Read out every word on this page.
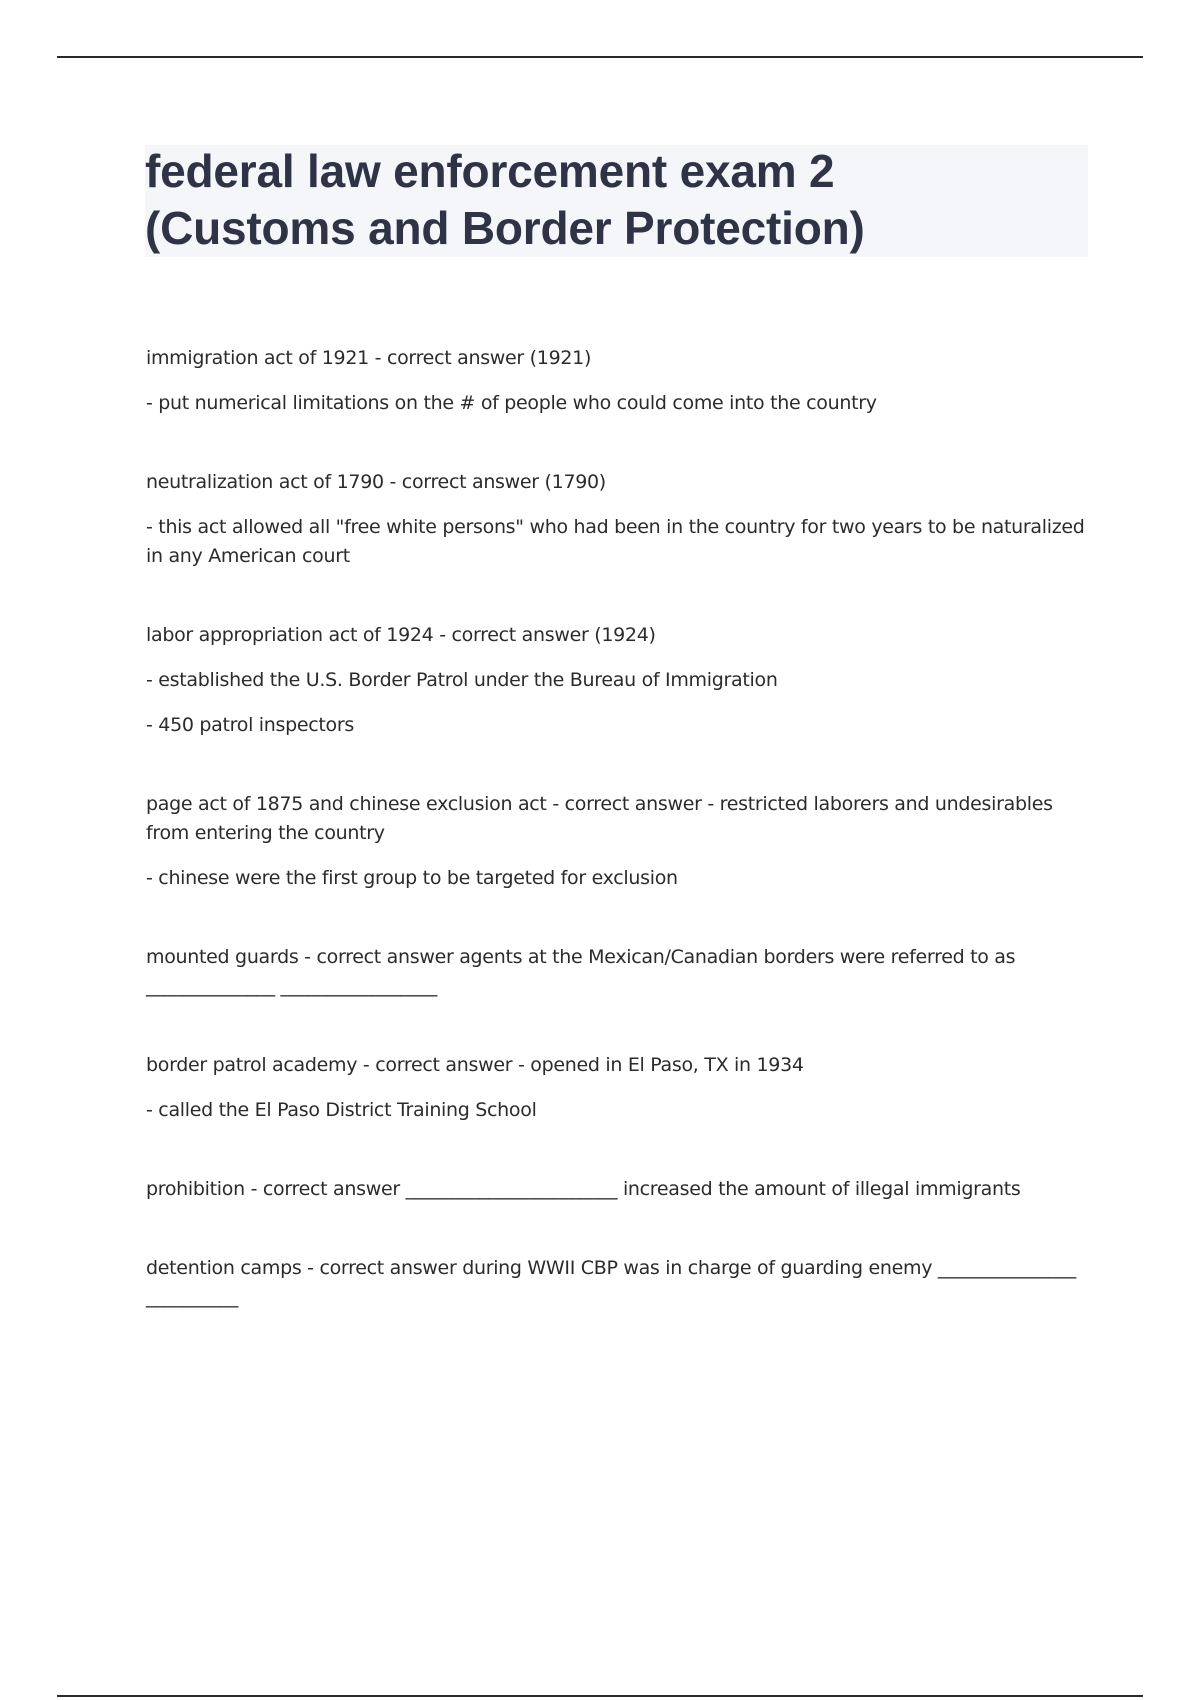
federal law enforcement exam 2
(Customs and Border Protection)

immigration act of 1921 - correct answer (1921)

- put numerical limitations on the # of people who could come into the country

neutralization act of 1790 - correct answer (1790)

- this act allowed all "free white persons" who had been in the country for two years to be naturalized in any American court

labor appropriation act of 1924 - correct answer (1924)

- established the U.S. Border Patrol under the Bureau of Immigration

- 450 patrol inspectors

page act of 1875 and chinese exclusion act - correct answer - restricted laborers and undesirables from entering the country

- chinese were the first group to be targeted for exclusion

mounted guards - correct answer agents at the Mexican/Canadian borders were referred to as ______________ _________________

border patrol academy - correct answer - opened in El Paso, TX in 1934

- called the El Paso District Training School

prohibition - correct answer _______________________ increased the amount of illegal immigrants

detention camps - correct answer during WWII CBP was in charge of guarding enemy _______________ __________
